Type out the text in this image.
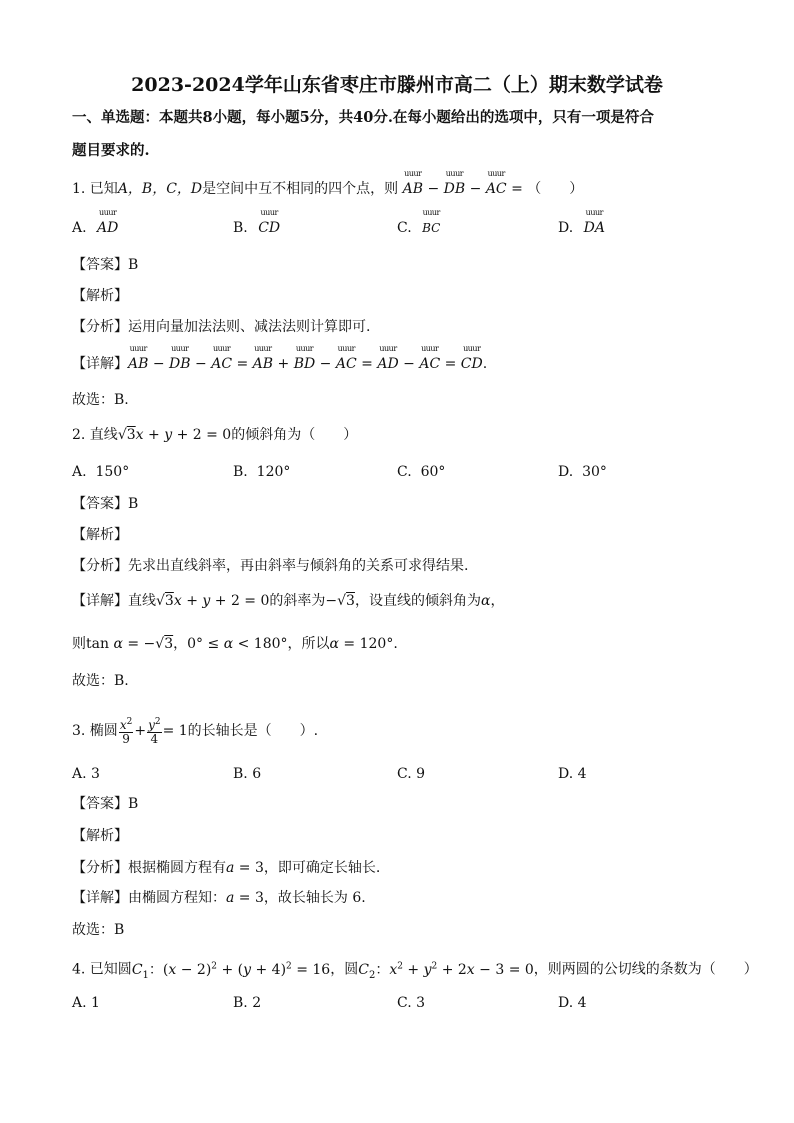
2023-2024学年山东省枣庄市滕州市高二（上）期末数学试卷
一、单选题：本题共8小题，每小题5分，共40分.在每小题给出的选项中，只有一项是符合
题目要求的.
1. 已知A，B，C，D是空间中互不相同的四个点，则 AB
uuur
− DB
uuur
− AC
uuur
= （　　）
A. AD
uuur
B. CD
uuur
C. BC
uuur
D. DA
uuur
【答案】B
【解析】
【分析】运用向量加法法则、减法法则计算即可.
【详解】AB
uuur
− DB
uuur
− AC
uuur
= AB
uuur
+ BD
uuur
− AC
uuur
= AD
uuur
− AC
uuur
= CD
uuur
.
故选：B.
2. 直线√3x + y + 2 = 0的倾斜角为（　　）
A. 150°	B. 120°	C. 60°	D. 30°
【答案】B
【解析】
【分析】先求出直线斜率，再由斜率与倾斜角的关系可求得结果.
【详解】直线√3x + y + 2 = 0的斜率为−√3，设直线的倾斜角为α，
则tan α = −√3，0° ≤ α < 180°，所以α = 120°.
故选：B.
3. 椭圆 $\frac{x^2}{9} + \frac{y^2}{4} = 1$的长轴长是（　　）.
A. 3	B. 6	C. 9	D. 4
【答案】B
【解析】
【分析】根据椭圆方程有a = 3，即可确定长轴长.
【详解】由椭圆方程知：a = 3，故长轴长为 6.
故选：B
4. 已知圆$C_1$：$(x - 2)^2 + (y + 4)^2 = 16$，圆$C_2$：$x^2 + y^2 + 2x - 3 = 0$，则两圆的公切线的条数为（　　）
A. 1	B. 2	C. 3	D. 4
